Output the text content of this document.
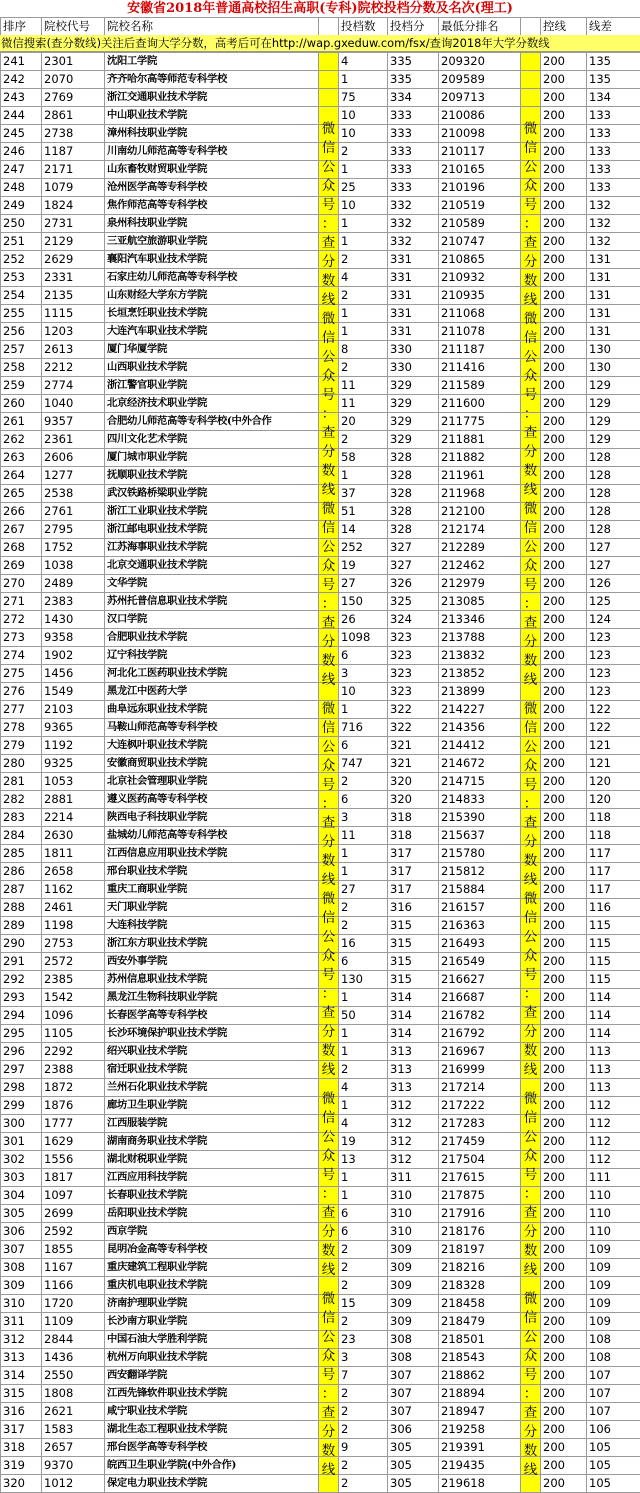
安徽省2018年普通高校招生高职(专科)院校投档分数及名次(理工)
排序	院校代号	院校名称		投档数	投档分	最低分排名		控线	线差

241	2301	沈阳工学院		4	335	209320		200	135
242	2070	齐齐哈尔高等师范专科学校		1	335	209589		200	135
243	2769	浙江交通职业技术学院		75	334	209713		200	134
244	2861	中山职业技术学院		10	333	210086		200	133
245	2738	漳州科技职业学院		10	333	210098		200	133
246	1187	川南幼儿师范高等专科学校		2	333	210117		200	133
247	2171	山东畜牧财贸职业学院		1	333	210165		200	133
248	1079	沧州医学高等专科学校		25	333	210196		200	133
249	1824	焦作师范高等专科学校		10	332	210519		200	132
250	2731	泉州科技职业学院		1	332	210589		200	132
251	2129	三亚航空旅游职业学院		1	332	210747		200	132
252	2629	襄阳汽车职业技术学院		2	331	210865		200	131
253	2331	石家庄幼儿师范高等专科学校		4	331	210932		200	131
254	2135	山东财经大学东方学院		2	331	210935		200	131
255	1115	长垣烹饪职业技术学院		1	331	211068		200	131
256	1203	大连汽车职业技术学院		1	331	211078		200	131
257	2613	厦门华厦学院		8	330	211187		200	130
258	2212	山西职业技术学院		2	330	211416		200	130
259	2774	浙江警官职业学院		11	329	211589		200	129
260	1040	北京经济技术职业学院		11	329	211600		200	129
261	9357	合肥幼儿师范高等专科学校(中外合作		20	329	211775		200	129
262	2361	四川文化艺术学院		2	329	211881		200	129
263	2606	厦门城市职业学院		58	328	211882		200	128
264	1277	抚顺职业技术学院		1	328	211961		200	128
265	2538	武汉铁路桥梁职业学院		37	328	211968		200	128
266	2761	浙江工业职业技术学院		51	328	212100		200	128
267	2795	浙江邮电职业技术学院		14	328	212174		200	128
268	1752	江苏海事职业技术学院		252	327	212289		200	127
269	1038	北京交通职业技术学院		19	327	212462		200	127
270	2489	文华学院		27	326	212979		200	126
271	2383	苏州托普信息职业技术学院		150	325	213085		200	125
272	1430	汉口学院		26	324	213346		200	124
273	9358	合肥职业技术学院		1098	323	213788		200	123
274	1902	辽宁科技学院		6	323	213832		200	123
275	1456	河北化工医药职业技术学院		3	323	213852		200	123
276	1549	黑龙江中医药大学		10	323	213899		200	123
277	2103	曲阜远东职业技术学院		1	322	214227		200	122
278	9365	马鞍山师范高等专科学校		716	322	214356		200	122
279	1192	大连枫叶职业技术学院		6	321	214412		200	121
280	9325	安徽商贸职业技术学院		747	321	214672		200	121
281	1053	北京社会管理职业学院		2	320	214715		200	120
282	2881	遵义医药高等专科学校		6	320	214833		200	120
283	2214	陕西电子科技职业学院		3	318	215390		200	118
284	2630	盐城幼儿师范高等专科学校		11	318	215637		200	118
285	1811	江西信息应用职业技术学院		1	317	215780		200	117
286	2658	邢台职业技术学院		1	317	215812		200	117
287	1162	重庆工商职业学院		27	317	215884		200	117
288	2461	天门职业学院		2	316	216157		200	116
289	1198	大连科技学院		2	315	216363		200	115
290	2753	浙江东方职业技术学院		16	315	216493		200	115
291	2572	西安外事学院		6	315	216549		200	115
292	2385	苏州信息职业技术学院		130	315	216627		200	115
293	1542	黑龙江生物科技职业学院		1	314	216687		200	114
294	1096	长春医学高等专科学校		50	314	216782		200	114
295	1105	长沙环境保护职业技术学院		1	314	216792		200	114
296	2292	绍兴职业技术学院		1	313	216967		200	113
297	2388	宿迁职业技术学院		2	313	216999		200	113
298	1872	兰州石化职业技术学院		4	313	217214		200	113
299	1876	廊坊卫生职业学院		1	312	217222		200	112
300	1777	江西服装学院		4	312	217283		200	112
301	1629	湖南商务职业技术学院		19	312	217459		200	112
302	1556	湖北财税职业学院		13	312	217504		200	112
303	1817	江西应用科技学院		1	311	217615		200	111
304	1097	长春职业技术学院		1	310	217875		200	110
305	2699	岳阳职业技术学院		6	310	217916		200	110
306	2592	西京学院		6	310	218176		200	110
307	1855	昆明冶金高等专科学校		2	309	218197		200	109
308	1167	重庆建筑工程职业学院		2	309	218216		200	109
309	1166	重庆机电职业技术学院		2	309	218328		200	109
310	1720	济南护理职业学院		15	309	218458		200	109
311	1109	长沙南方职业学院		2	309	218479		200	109
312	2844	中国石油大学胜利学院		23	308	218501		200	108
313	1436	杭州万向职业技术学院		3	308	218543		200	108
314	2550	西安翻译学院		7	307	218862		200	107
315	1808	江西先锋软件职业技术学院		2	307	218894		200	107
316	2621	咸宁职业技术学院		2	307	218947		200	107
317	1583	湖北生态工程职业技术学院		2	306	219258		200	106
318	2657	邢台医学高等专科学校		9	305	219391		200	105
319	9370	皖西卫生职业学院(中外合作)		2	305	219435		200	105
320	1012	保定电力职业技术学院		2	305	219618		200	105
微信搜索(查分数线)关注后查询大学分数，高考后可在http://wap.gxeduw.com/fsx/查询2018年大学分数线
微
信
公
众
号
：
查
分
数
线
微
信
公
众
号
：
查
分
数
线
微
信
公
众
号
：
查
分
数
线
微
信
公
众
号
：
查
分
数
线
微
信
公
众
号
：
查
分
数
线
微
信
公
众
号
：
查
分
数
线
微
信
公
众
号
：
查
分
数
线
微
信
公
众
号
：
查
分
数
线
微
信
公
众
号
：
查
分
数
线
微
信
公
众
号
：
查
分
数
线
微
信
公
众
号
：
查
分
数
线
微
信
公
众
号
：
查
分
数
线
微
信
公
众
号
：
查
分
数
线
微
信
公
众
号
：
查
分
数
线
